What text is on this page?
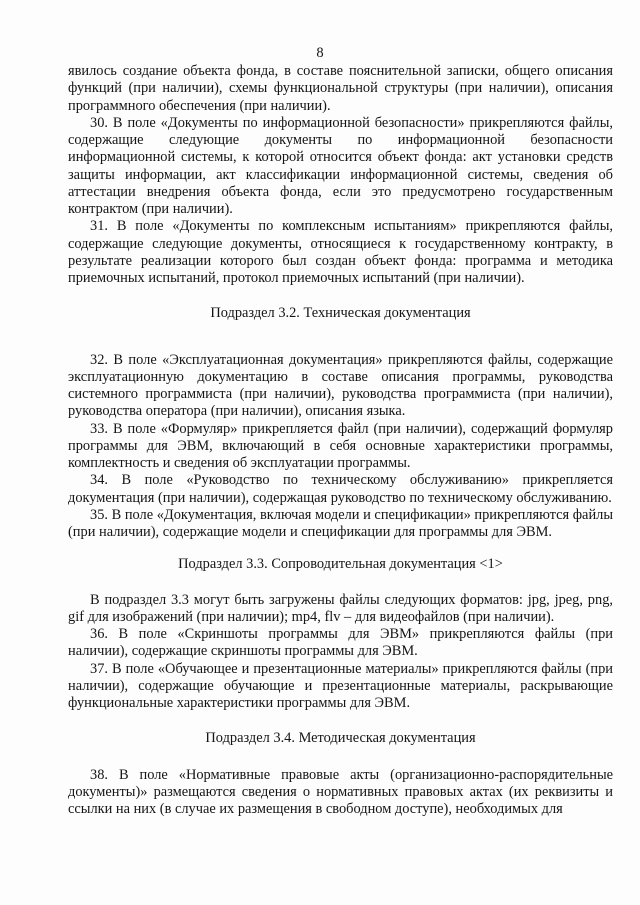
8

явилось создание объекта фонда, в составе пояснительной записки, общего описания функций (при наличии), схемы функциональной структуры (при наличии), описания программного обеспечения (при наличии).

30. В поле «Документы по информационной безопасности» прикрепляются файлы, содержащие следующие документы по информационной безопасности информационной системы, к которой относится объект фонда: акт установки средств защиты информации, акт классификации информационной системы, сведения об аттестации внедрения объекта фонда, если это предусмотрено государственным контрактом (при наличии).

31. В поле «Документы по комплексным испытаниям» прикрепляются файлы, содержащие следующие документы, относящиеся к государственному контракту, в результате реализации которого был создан объект фонда: программа и методика приемочных испытаний, протокол приемочных испытаний (при наличии).

Подраздел 3.2. Техническая документация

32. В поле «Эксплуатационная документация» прикрепляются файлы, содержащие эксплуатационную документацию в составе описания программы, руководства системного программиста (при наличии), руководства программиста (при наличии), руководства оператора (при наличии), описания языка.

33. В поле «Формуляр» прикрепляется файл (при наличии), содержащий формуляр программы для ЭВМ, включающий в себя основные характеристики программы, комплектность и сведения об эксплуатации программы.

34. В поле «Руководство по техническому обслуживанию» прикрепляется документация (при наличии), содержащая руководство по техническому обслуживанию.

35. В поле «Документация, включая модели и спецификации» прикрепляются файлы (при наличии), содержащие модели и спецификации для программы для ЭВМ.

Подраздел 3.3. Сопроводительная документация <1>

В подраздел 3.3 могут быть загружены файлы следующих форматов: jpg, jpeg, png, gif для изображений (при наличии); mp4, flv – для видеофайлов (при наличии).

36. В поле «Скриншоты программы для ЭВМ» прикрепляются файлы (при наличии), содержащие скриншоты программы для ЭВМ.

37. В поле «Обучающее и презентационные материалы» прикрепляются файлы (при наличии), содержащие обучающие и презентационные материалы, раскрывающие функциональные характеристики программы для ЭВМ.

Подраздел 3.4. Методическая документация

38. В поле «Нормативные правовые акты (организационно-распорядительные документы)» размещаются сведения о нормативных правовых актах (их реквизиты и ссылки на них (в случае их размещения в свободном доступе), необходимых для
